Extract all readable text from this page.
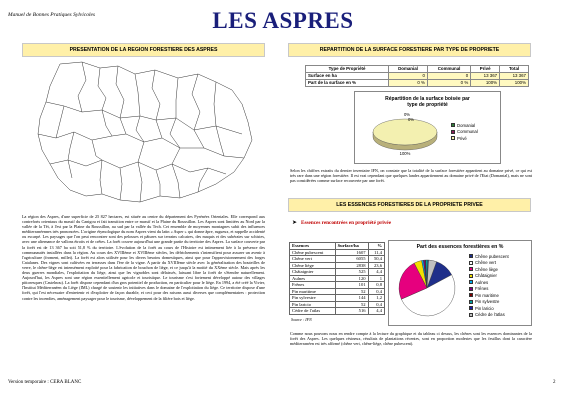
Manuel de Bonnes Pratiques Sylvicoles	LES ASPRES
PRESENTATION DE LA REGION FORESTIERE DES ASPRES
La région des Aspres, d'une superficie de 25 827 hectares, est située au centre du département des Pyrénées Orientales. Elle correspond aux contreforts orientaux du massif du Canigou et fait transition entre ce massif et la Plaine du Roussillon. Les Aspres sont limitées au Nord par la vallée de la Têt, à l'est par la Plaine du Roussillon, au sud par la vallée du Tech. Cet ensemble de moyennes montagnes subit des influences méditerranéennes très prononcées. L'origine étymologique du nom Aspres vient du latin « Asper » qui donne âpre, rugueux, et rappelle accidenté ou escarpé. Les paysages que l'on peut rencontrer sont des pelouses et pâtures sur terrains calcaires, des maquis et des subéraies sur schistes, avec une alternance de vallons étroits et de crêtes. La forêt couvre aujourd'hui une grande partie du territoire des Aspres. La surface couverte par la forêt est de 13 367 ha soit 51,8 % du territoire. L'évolution de la forêt au cours de l'Histoire est intimement liée à la présence des communautés installées dans la région. Au cours des XVIIIème et XVIIIème siècles, les défrichements s'intensifient pour assurer un avenir à l'agriculture (froment, millet). La forêt est alors utilisée pour les divers besoins domestiques, ainsi que pour l'approvisionnement des forges Catalanes. Des vignes sont cultivées en terrasses dans l'ère de la vigne. A partir du XVIIIème siècle avec la généralisation des bouteilles de verre, le chêne-liège est intensément exploité pour la fabrication de bouchon de liège, et ce jusqu'à la moitié du XXème siècle. Mais après les deux guerres mondiales, l'exploitation du liège, ainsi que les vignobles sont délaissés, laissant libre la forêt de s'étendre naturellement. Aujourd'hui, les Aspres sont une région essentiellement agricole et touristique. Le tourisme s'est fortement développé autour des villages pittoresques (Castelnou). La forêt dispose cependant d'un gros potentiel de production, en particulier pour le liège. En 1994, a été créé la Vivier, l'Institut Méditerranéen du Liège (IML) chargé de soutenir les initiatives dans le domaine de l'exploitation du liège. Ce territoire dispose d'une forêt, qui l'est nécessaire d'entretenir et d'exploiter de façon durable, et ceci pour des raisons aussi diverses que complémentaires : protection contre les incendies, aménagement paysager pour le tourisme, développement de la filière bois et liège.
REPARTITION DE LA SURFACE FORESTIERE PAR TYPE DE PROPRIETE
Type de Propriété	Domanial	Communal	Privé	Total
Surface en ha	0	0	13 367	13 367
Part de la surface en %	0 %	0 %	100%	100%
Répartition de la surface boisée par
type de propriété
0%
0%
100%
Domanial
Communal
Privé
Selon les chiffres extraits du dernier inventaire IFN, on constate que la totalité de la surface forestière appartient au domaine privé, ce qui est très rare dans une région forestière. Il est vrai cependant que quelques landes appartiennent au domaine privé de l'Etat (Domanial), mais ne sont pas considérées comme surface recouverte par une forêt.
LES ESSENCES FORESTIERES DE LA PROPRIETE PRIVEE
➤ Essences rencontrées en propriété privée
Essences	Surface/ha	%
Chêne pubescent	1607	11,4
Chêne vert	6055	50,4
Chêne liège	2838	23,6
Châtaignier	525	4,4
Aulnes	120	1
Frênes	101	0,8
Pin maritime	52	0,4
Pin sylvestre	144	1,2
Pin laricio	52	0,4
Cèdre de l'atlas	516	4,4
Source : IFN
Part des essences forestières en %
Chêne pubescent
Chêne vert
Chêne liège
Châtaignier
Aulnes
Frênes
Pin maritime
Pin sylvestre
Pin laricio
Cèdre de l'atlas
Comme nous pouvons nous en rendre compte à la lecture du graphique et du tableau ci dessus, les chênes sont les essences dominantes de la forêt des Aspres. Les quelques résineux, résultats de plantations récentes, sont en proportion modestes que les feuillus dont la caractère méditerranéen est très affirmé (chêne vert, chêne-liège, chêne pubescent).
Version temporaire : CERA BLANC	2
